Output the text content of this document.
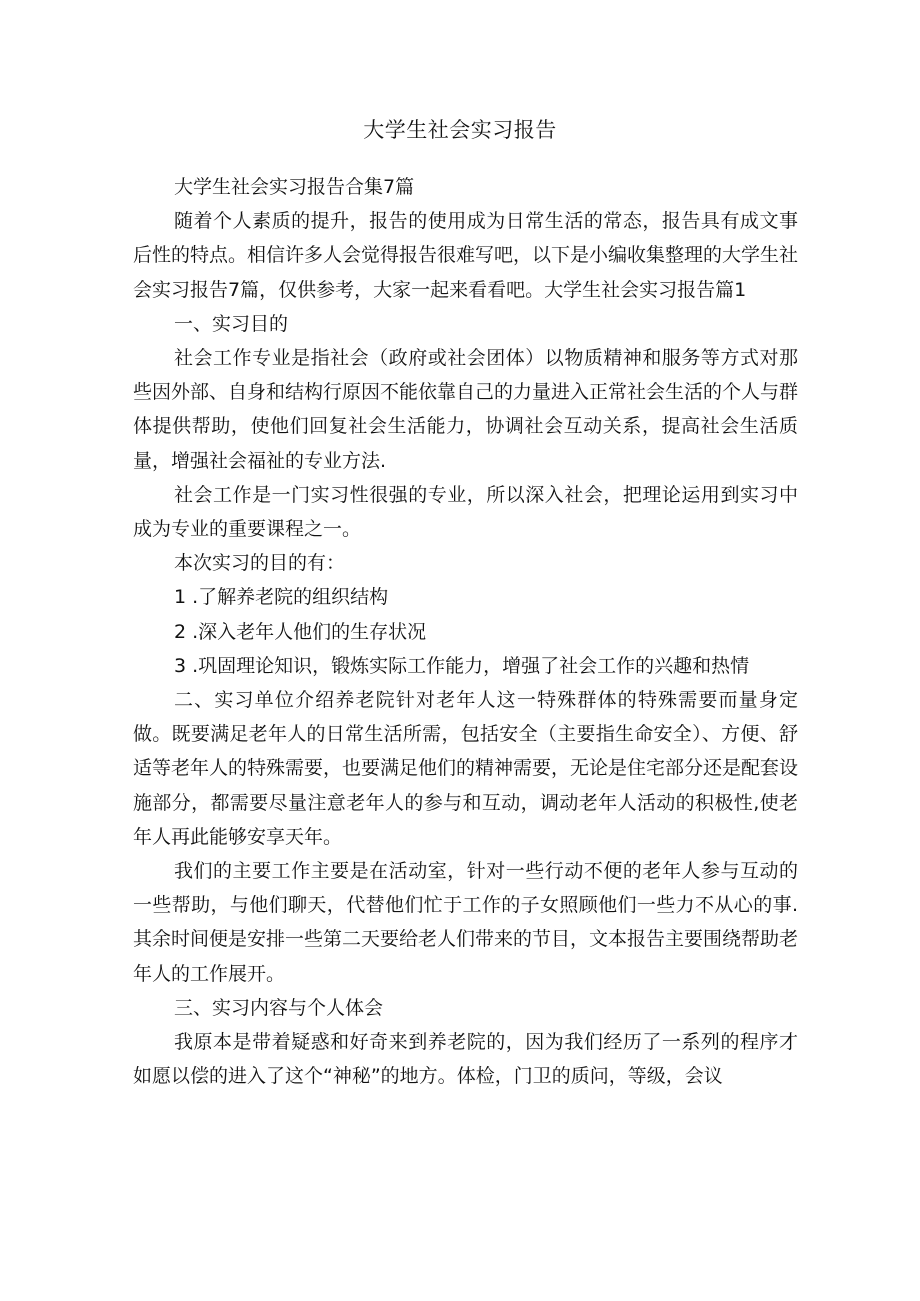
大学生社会实习报告

大学生社会实习报告合集7篇

随着个人素质的提升，报告的使用成为日常生活的常态，报告具有成文事后性的特点。相信许多人会觉得报告很难写吧，以下是小编收集整理的大学生社会实习报告7篇，仅供参考，大家一起来看看吧。大学生社会实习报告篇1

一、实习目的

社会工作专业是指社会（政府或社会团体）以物质精神和服务等方式对那些因外部、自身和结构行原因不能依靠自己的力量进入正常社会生活的个人与群体提供帮助，使他们回复社会生活能力，协调社会互动关系，提高社会生活质量，增强社会福祉的专业方法.

社会工作是一门实习性很强的专业，所以深入社会，把理论运用到实习中成为专业的重要课程之一。

本次实习的目的有：

1 .了解养老院的组织结构

2 .深入老年人他们的生存状况

3 .巩固理论知识，锻炼实际工作能力，增强了社会工作的兴趣和热情

二、实习单位介绍养老院针对老年人这一特殊群体的特殊需要而量身定做。既要满足老年人的日常生活所需，包括安全（主要指生命安全）、方便、舒适等老年人的特殊需要，也要满足他们的精神需要，无论是住宅部分还是配套设施部分，都需要尽量注意老年人的参与和互动，调动老年人活动的积极性,使老年人再此能够安享天年。

我们的主要工作主要是在活动室，针对一些行动不便的老年人参与互动的一些帮助，与他们聊天，代替他们忙于工作的子女照顾他们一些力不从心的事.其余时间便是安排一些第二天要给老人们带来的节目，文本报告主要围绕帮助老年人的工作展开。

三、实习内容与个人体会

我原本是带着疑惑和好奇来到养老院的，因为我们经历了一系列的程序才如愿以偿的进入了这个“神秘”的地方。体检，门卫的质问，等级，会议
